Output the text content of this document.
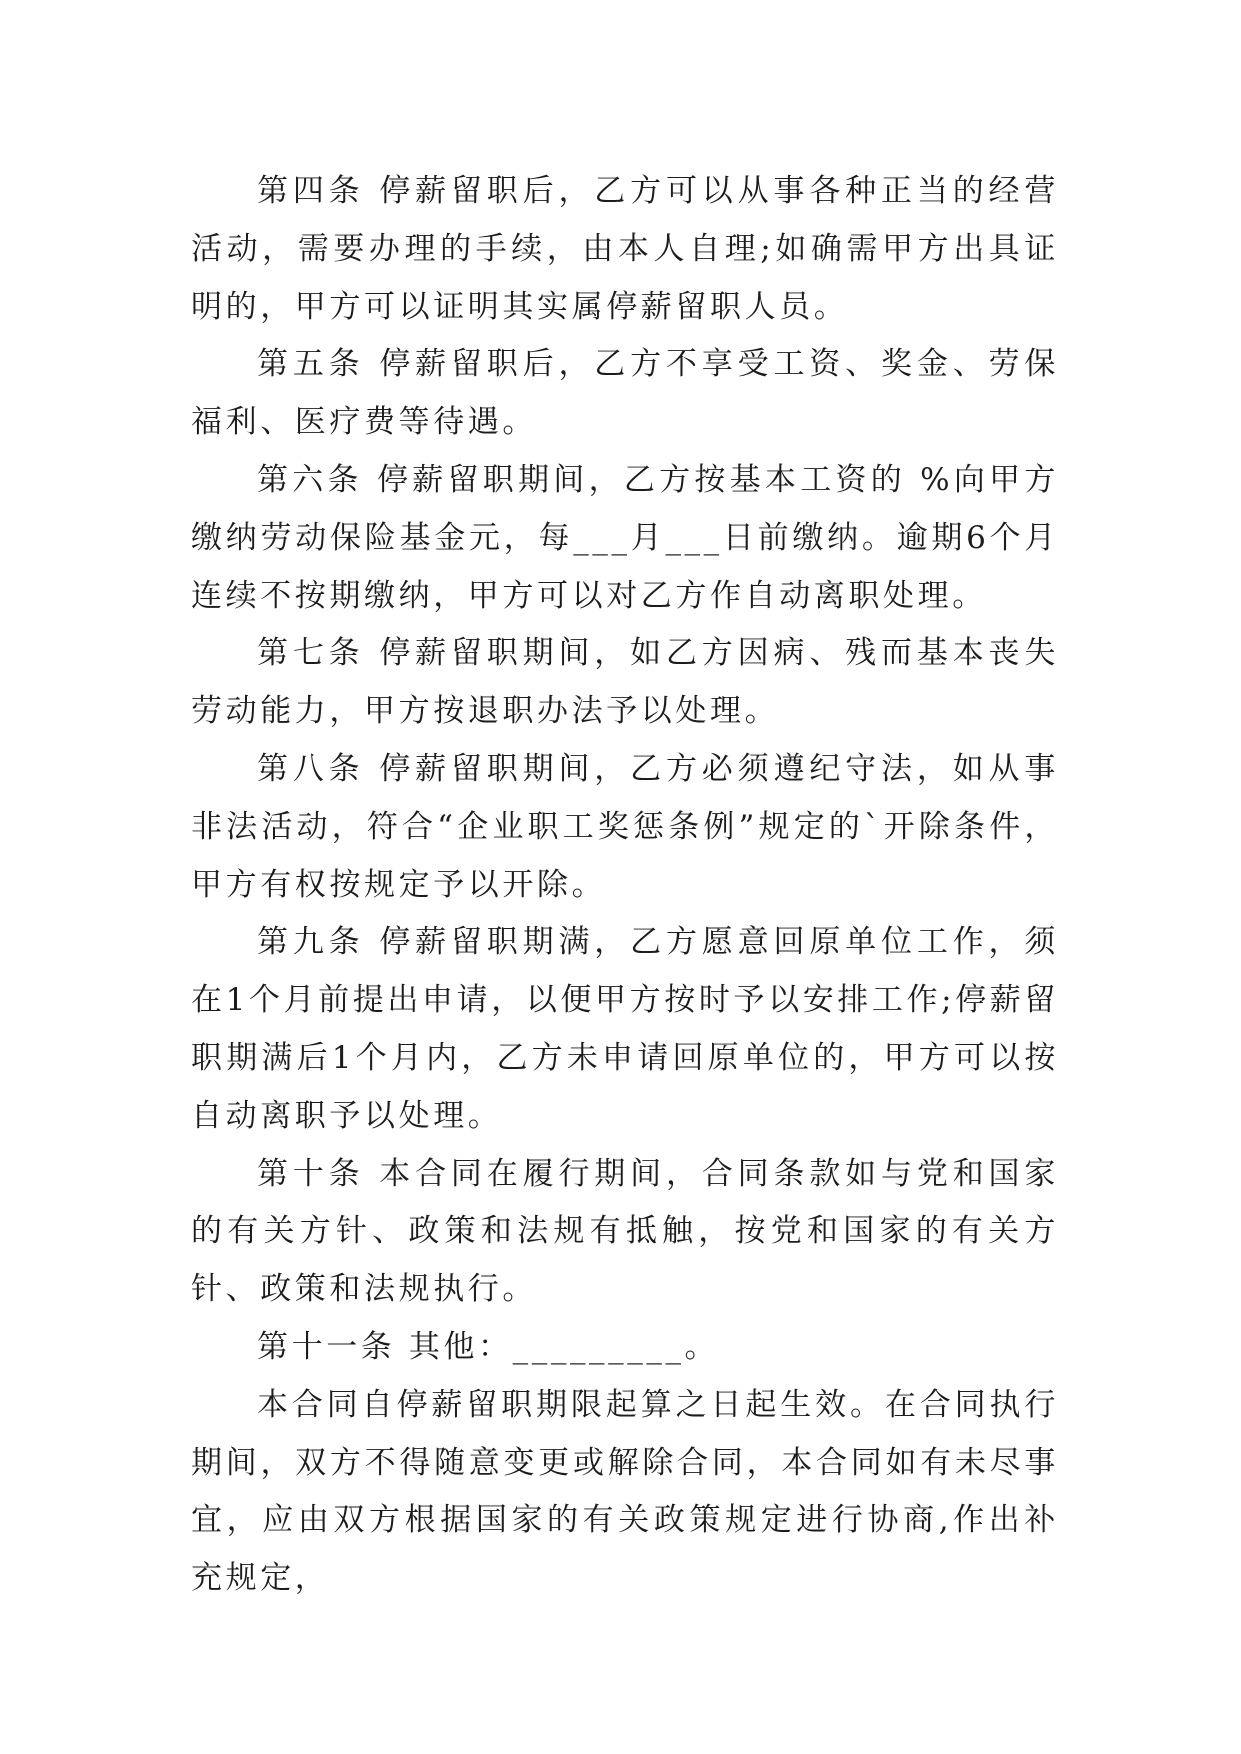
第四条 停薪留职后，乙方可以从事各种正当的经营活动，需要办理的手续，由本人自理;如确需甲方出具证明的，甲方可以证明其实属停薪留职人员。

第五条 停薪留职后，乙方不享受工资、奖金、劳保福利、医疗费等待遇。

第六条 停薪留职期间，乙方按基本工资的 %向甲方缴纳劳动保险基金元，每___月___日前缴纳。逾期6个月连续不按期缴纳，甲方可以对乙方作自动离职处理。

第七条 停薪留职期间，如乙方因病、残而基本丧失劳动能力，甲方按退职办法予以处理。

第八条 停薪留职期间，乙方必须遵纪守法，如从事非法活动，符合“企业职工奖惩条例”规定的`开除条件，甲方有权按规定予以开除。

第九条 停薪留职期满，乙方愿意回原单位工作，须在1个月前提出申请，以便甲方按时予以安排工作;停薪留职期满后1个月内，乙方未申请回原单位的，甲方可以按自动离职予以处理。

第十条 本合同在履行期间，合同条款如与党和国家的有关方针、政策和法规有抵触，按党和国家的有关方针、政策和法规执行。

第十一条 其他：_________。

本合同自停薪留职期限起算之日起生效。在合同执行期间，双方不得随意变更或解除合同，本合同如有未尽事宜，应由双方根据国家的有关政策规定进行协商,作出补充规定，
